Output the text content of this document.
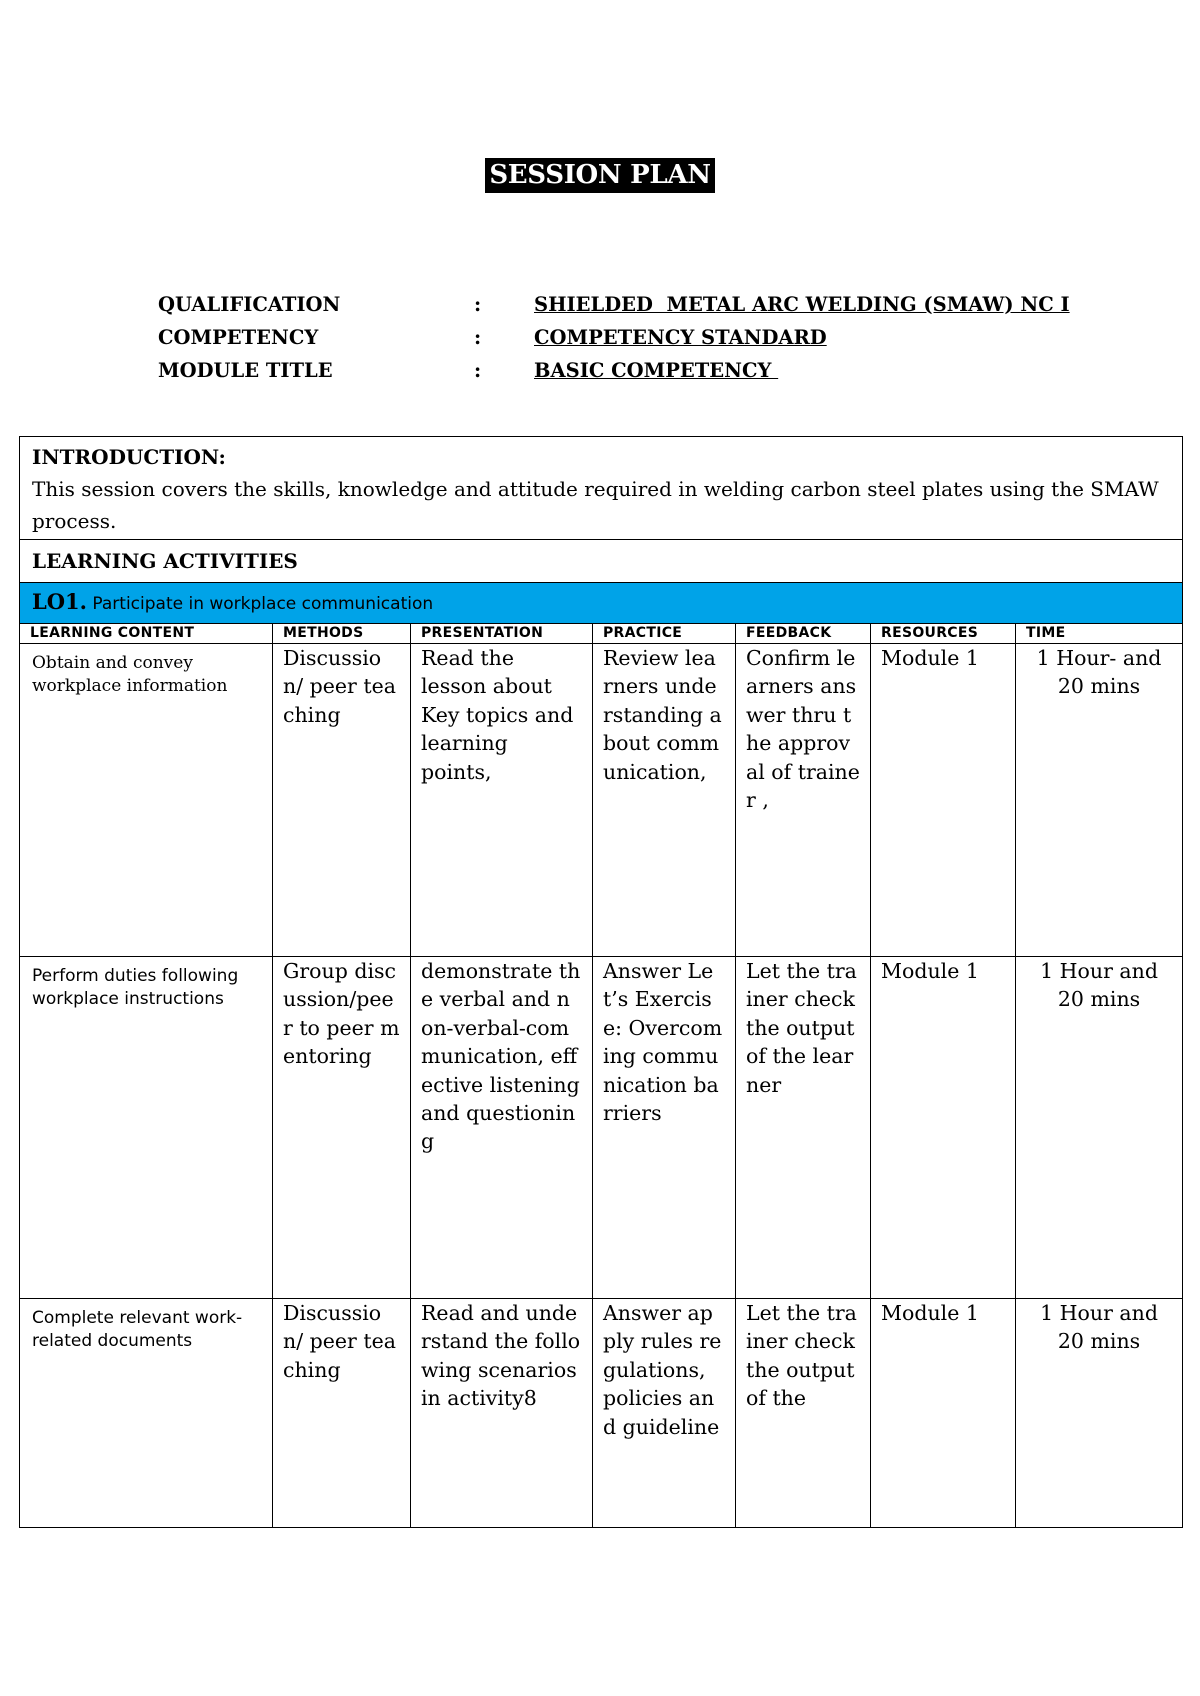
SESSION PLAN
QUALIFICATION	:	SHIELDED  METAL ARC WELDING (SMAW) NC I
COMPETENCY	:	COMPETENCY STANDARD
MODULE TITLE	:	BASIC COMPETENCY
INTRODUCTION:
This session covers the skills, knowledge and attitude required in welding carbon steel plates using the SMAW process.						

LEARNING ACTIVITIES						
LO1. Participate in workplace communication						
LEARNING CONTENT	METHODS	PRESENTATION	PRACTICE	FEEDBACK	RESOURCES	TIME
Obtain and convey workplace information	Discussion/ peer teaching	Read the lesson about Key topics and learning points,	Review learners understanding about communication,	Confirm learners answer thru the approval of trainer ,	Module 1	1 Hour- and 20 mins
Perform duties following workplace instructions	Group discussion/peer to peer mentoring	demonstrate the verbal and non-verbal-communication, effective listening and questioning	Answer Let’s Exercise: Overcoming communication barriers	Let the trainer check the output of the learner	Module 1	1 Hour and 20 mins
Complete relevant work-related documents	Discussion/ peer teaching	Read and understand the following scenarios in activity8	Answer apply rules regulations, policies and guideline	Let the trainer check the output of the	Module 1	1 Hour and 20 mins
